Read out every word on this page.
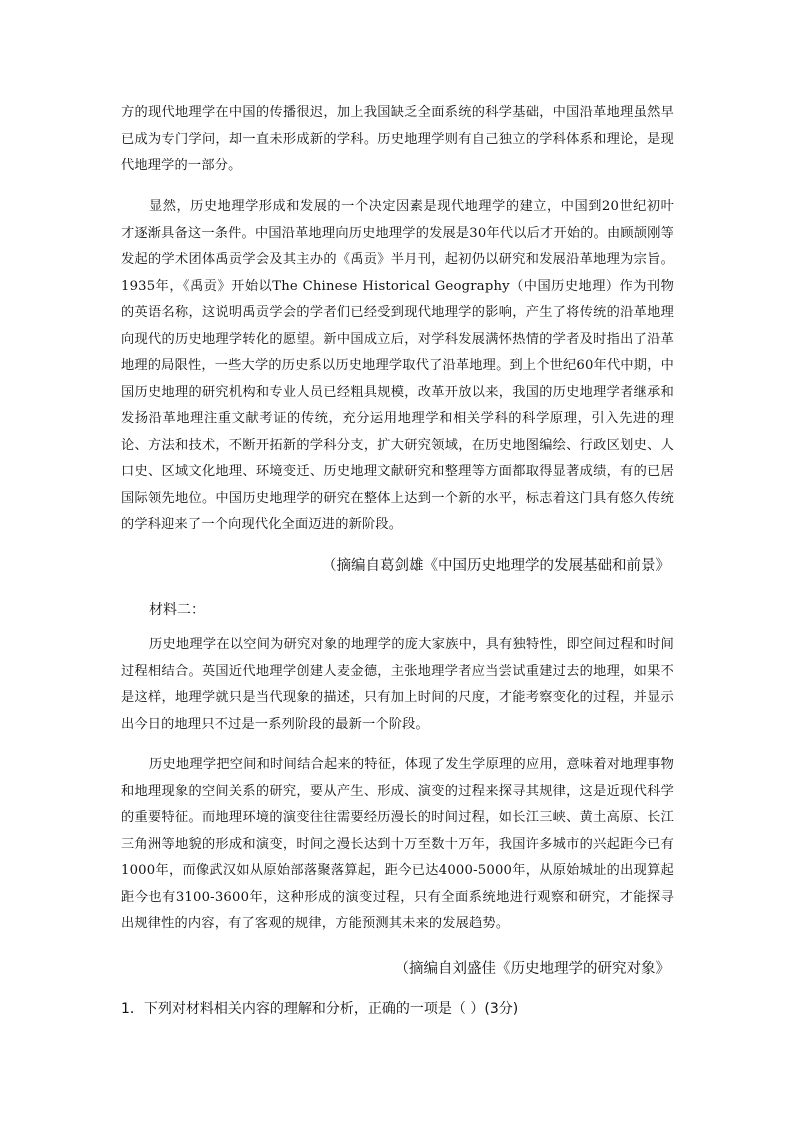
方的现代地理学在中国的传播很迟，加上我国缺乏全面系统的科学基础，中国沿革地理虽然早已成为专门学问，却一直未形成新的学科。历史地理学则有自己独立的学科体系和理论，是现代地理学的一部分。

显然，历史地理学形成和发展的一个决定因素是现代地理学的建立，中国到20世纪初叶才逐渐具备这一条件。中国沿革地理向历史地理学的发展是30年代以后才开始的。由顾颉刚等发起的学术团体禹贡学会及其主办的《禹贡》半月刊，起初仍以研究和发展沿革地理为宗旨。1935年，《禹贡》开始以The Chinese Historical Geography（中国历史地理）作为刊物的英语名称，这说明禹贡学会的学者们已经受到现代地理学的影响，产生了将传统的沿革地理向现代的历史地理学转化的愿望。新中国成立后，对学科发展满怀热情的学者及时指出了沿革地理的局限性，一些大学的历史系以历史地理学取代了沿革地理。到上个世纪60年代中期，中国历史地理的研究机构和专业人员已经粗具规模，改革开放以来，我国的历史地理学者继承和发扬沿革地理注重文献考证的传统，充分运用地理学和相关学科的科学原理，引入先进的理论、方法和技术，不断开拓新的学科分支，扩大研究领域，在历史地图编绘、行政区划史、人口史、区域文化地理、环境变迁、历史地理文献研究和整理等方面都取得显著成绩，有的已居国际领先地位。中国历史地理学的研究在整体上达到一个新的水平，标志着这门具有悠久传统的学科迎来了一个向现代化全面迈进的新阶段。

（摘编自葛剑雄《中国历史地理学的发展基础和前景》

材料二：

历史地理学在以空间为研究对象的地理学的庞大家族中，具有独特性，即空间过程和时间过程相结合。英国近代地理学创建人麦金德，主张地理学者应当尝试重建过去的地理，如果不是这样，地理学就只是当代现象的描述，只有加上时间的尺度，才能考察变化的过程，并显示出今日的地理只不过是一系列阶段的最新一个阶段。

历史地理学把空间和时间结合起来的特征，体现了发生学原理的应用，意味着对地理事物和地理现象的空间关系的研究，要从产生、形成、演变的过程来探寻其规律，这是近现代科学的重要特征。而地理环境的演变往往需要经历漫长的时间过程，如长江三峡、黄土高原、长江三角洲等地貌的形成和演变，时间之漫长达到十万至数十万年，我国许多城市的兴起距今已有1000年，而像武汉如从原始部落聚落算起，距今已达4000-5000年，从原始城址的出现算起距今也有3100-3600年，这种形成的演变过程，只有全面系统地进行观察和研究，才能探寻出规律性的内容，有了客观的规律，方能预测其未来的发展趋势。

（摘编自刘盛佳《历史地理学的研究对象》

1．下列对材料相关内容的理解和分析，正确的一项是（ ）(3分)
